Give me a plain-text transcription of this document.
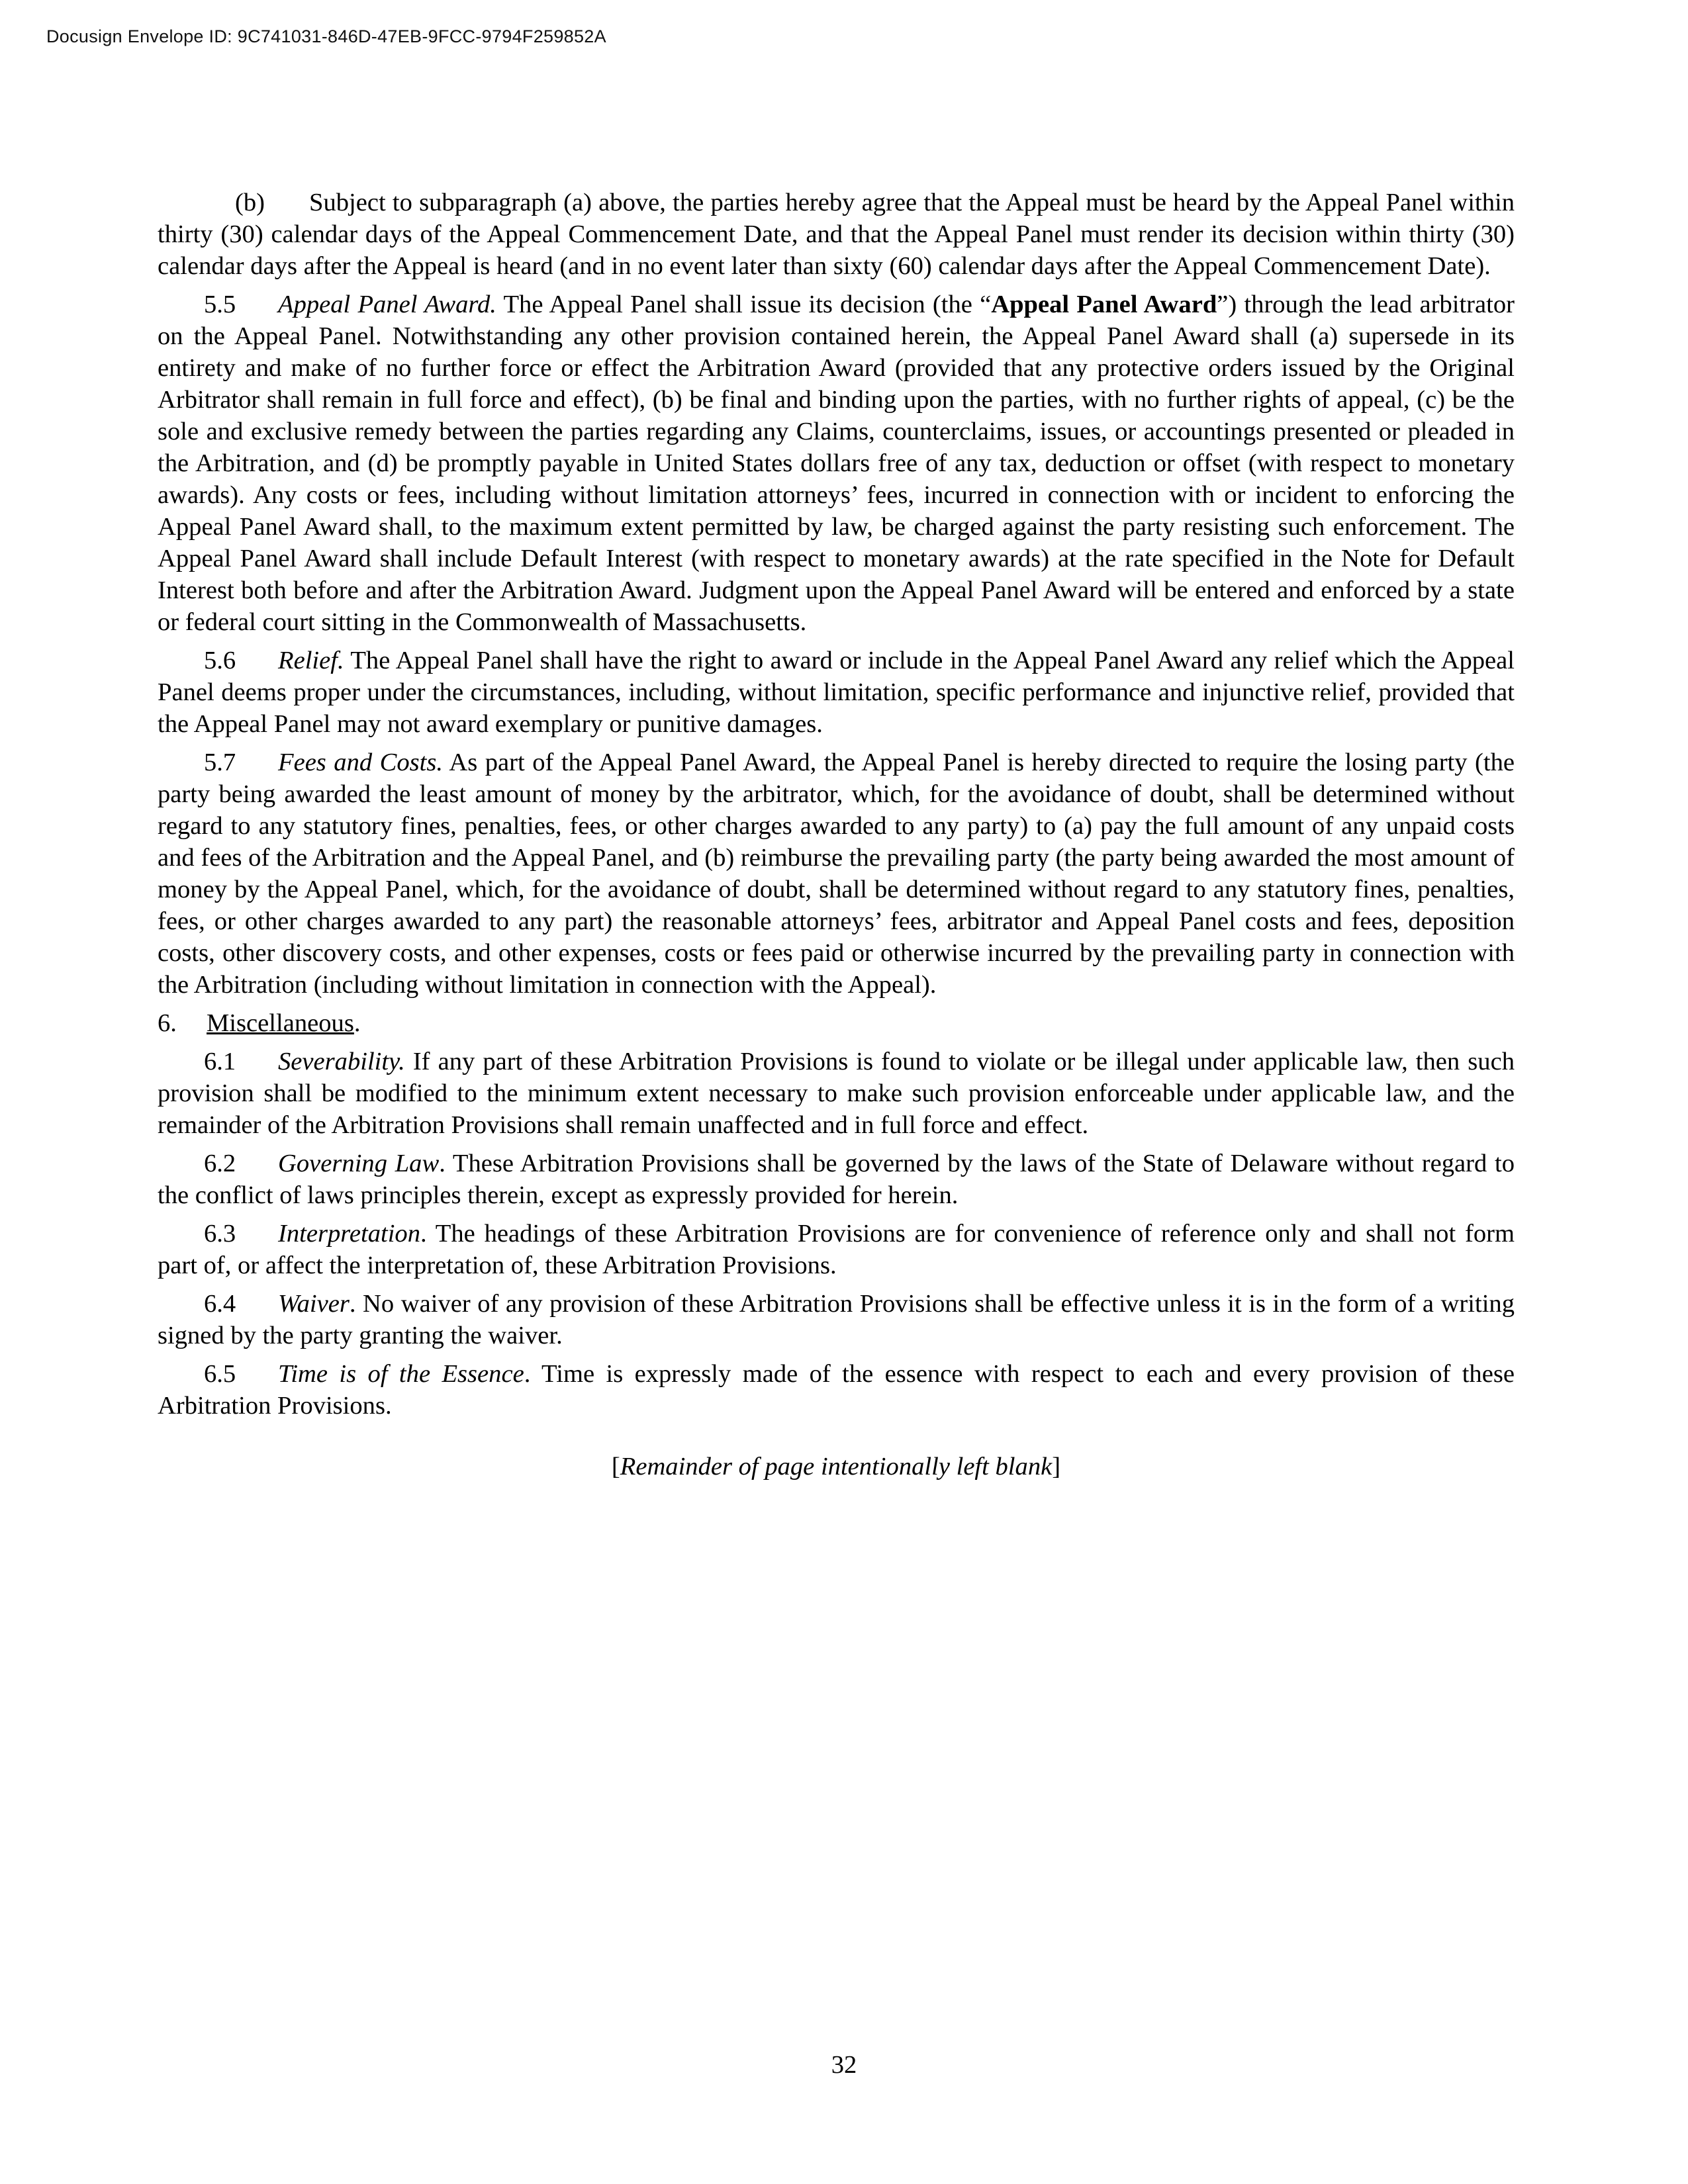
Docusign Envelope ID: 9C741031-846D-47EB-9FCC-9794F259852A

(b) Subject to subparagraph (a) above, the parties hereby agree that the Appeal must be heard by the Appeal Panel within thirty (30) calendar days of the Appeal Commencement Date, and that the Appeal Panel must render its decision within thirty (30) calendar days after the Appeal is heard (and in no event later than sixty (60) calendar days after the Appeal Commencement Date).

5.5 Appeal Panel Award. The Appeal Panel shall issue its decision (the “Appeal Panel Award”) through the lead arbitrator on the Appeal Panel. Notwithstanding any other provision contained herein, the Appeal Panel Award shall (a) supersede in its entirety and make of no further force or effect the Arbitration Award (provided that any protective orders issued by the Original Arbitrator shall remain in full force and effect), (b) be final and binding upon the parties, with no further rights of appeal, (c) be the sole and exclusive remedy between the parties regarding any Claims, counterclaims, issues, or accountings presented or pleaded in the Arbitration, and (d) be promptly payable in United States dollars free of any tax, deduction or offset (with respect to monetary awards). Any costs or fees, including without limitation attorneys’ fees, incurred in connection with or incident to enforcing the Appeal Panel Award shall, to the maximum extent permitted by law, be charged against the party resisting such enforcement. The Appeal Panel Award shall include Default Interest (with respect to monetary awards) at the rate specified in the Note for Default Interest both before and after the Arbitration Award. Judgment upon the Appeal Panel Award will be entered and enforced by a state or federal court sitting in the Commonwealth of Massachusetts.

5.6 Relief. The Appeal Panel shall have the right to award or include in the Appeal Panel Award any relief which the Appeal Panel deems proper under the circumstances, including, without limitation, specific performance and injunctive relief, provided that the Appeal Panel may not award exemplary or punitive damages.

5.7 Fees and Costs. As part of the Appeal Panel Award, the Appeal Panel is hereby directed to require the losing party (the party being awarded the least amount of money by the arbitrator, which, for the avoidance of doubt, shall be determined without regard to any statutory fines, penalties, fees, or other charges awarded to any party) to (a) pay the full amount of any unpaid costs and fees of the Arbitration and the Appeal Panel, and (b) reimburse the prevailing party (the party being awarded the most amount of money by the Appeal Panel, which, for the avoidance of doubt, shall be determined without regard to any statutory fines, penalties, fees, or other charges awarded to any part) the reasonable attorneys’ fees, arbitrator and Appeal Panel costs and fees, deposition costs, other discovery costs, and other expenses, costs or fees paid or otherwise incurred by the prevailing party in connection with the Arbitration (including without limitation in connection with the Appeal).

6. Miscellaneous.

6.1 Severability. If any part of these Arbitration Provisions is found to violate or be illegal under applicable law, then such provision shall be modified to the minimum extent necessary to make such provision enforceable under applicable law, and the remainder of the Arbitration Provisions shall remain unaffected and in full force and effect.

6.2 Governing Law. These Arbitration Provisions shall be governed by the laws of the State of Delaware without regard to the conflict of laws principles therein, except as expressly provided for herein.

6.3 Interpretation. The headings of these Arbitration Provisions are for convenience of reference only and shall not form part of, or affect the interpretation of, these Arbitration Provisions.

6.4 Waiver. No waiver of any provision of these Arbitration Provisions shall be effective unless it is in the form of a writing signed by the party granting the waiver.

6.5 Time is of the Essence. Time is expressly made of the essence with respect to each and every provision of these Arbitration Provisions.

[Remainder of page intentionally left blank]

32
